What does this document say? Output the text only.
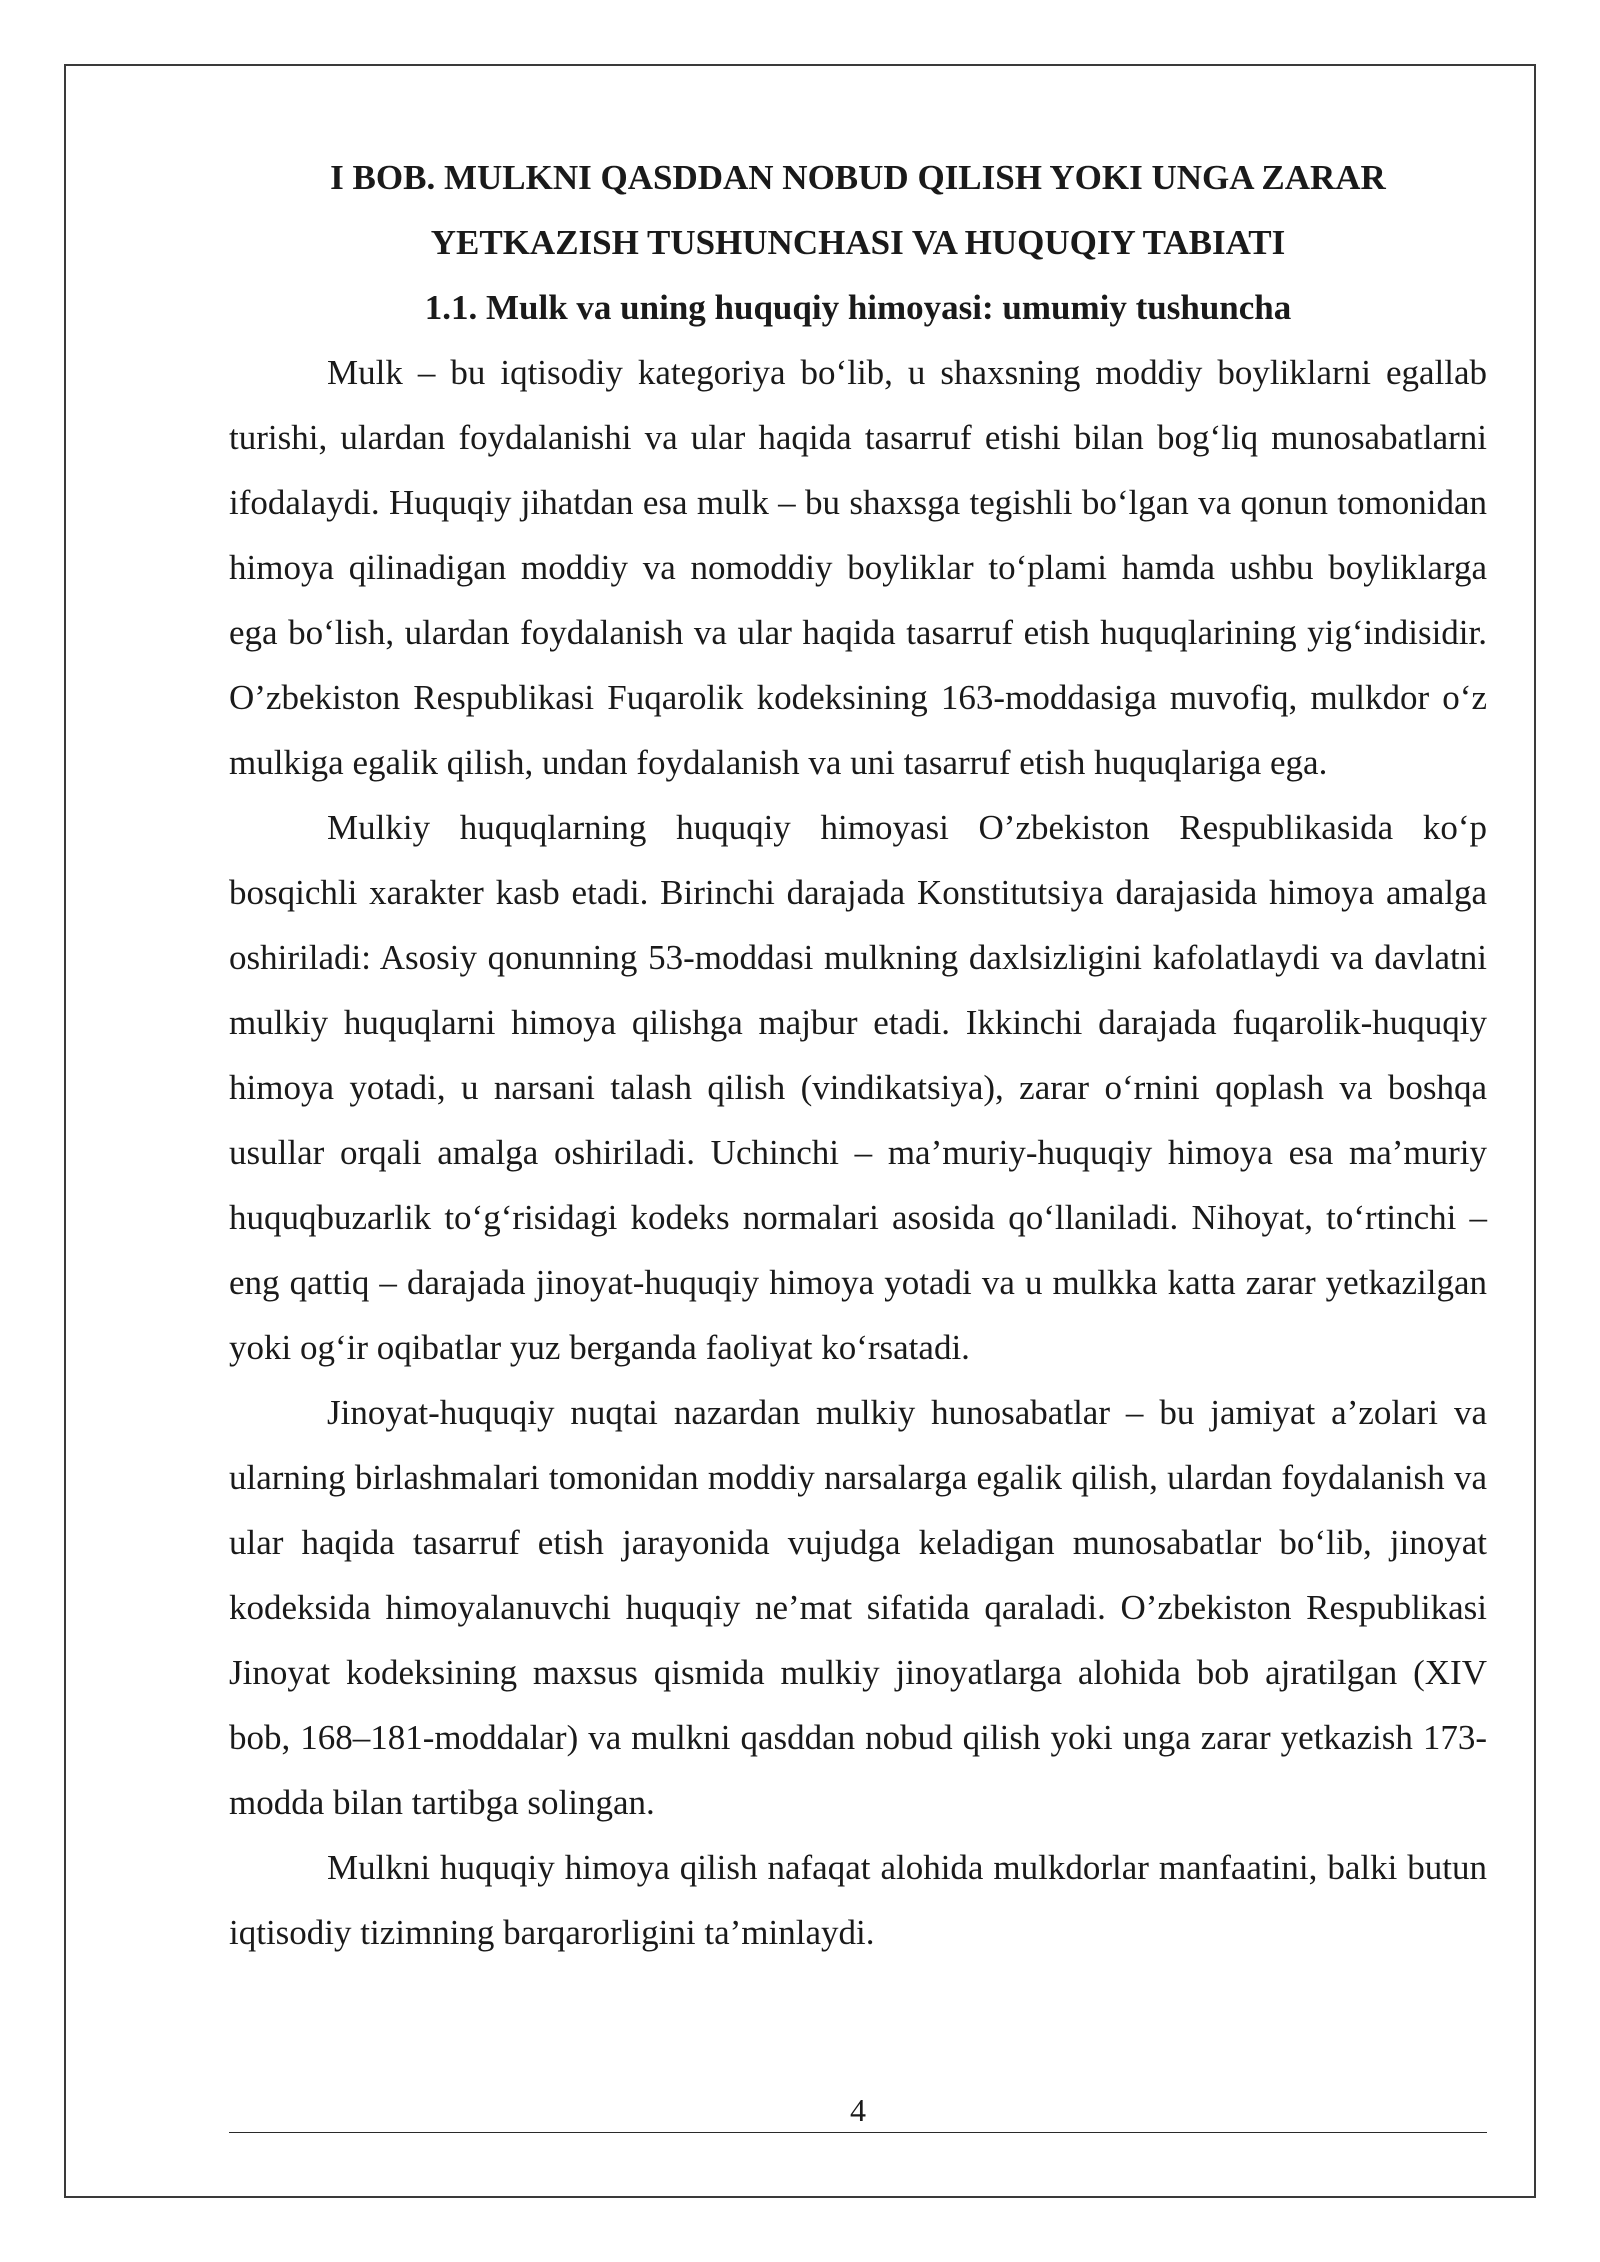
I BOB. MULKNI QASDDAN NOBUD QILISH YOKI UNGA ZARAR

YETKAZISH TUSHUNCHASI VA HUQUQIY TABIATI

1.1. Mulk va uning huquqiy himoyasi: umumiy tushuncha

Mulk – bu iqtisodiy kategoriya bo‘lib, u shaxsning moddiy boyliklarni egallab turishi, ulardan foydalanishi va ular haqida tasarruf etishi bilan bog‘liq munosabatlarni ifodalaydi. Huquqiy jihatdan esa mulk – bu shaxsga tegishli bo‘lgan va qonun tomonidan himoya qilinadigan moddiy va nomoddiy boyliklar to‘plami hamda ushbu boyliklarga ega bo‘lish, ulardan foydalanish va ular haqida tasarruf etish huquqlarining yig‘indisidir. O’zbekiston Respublikasi Fuqarolik kodeksining 163-moddasiga muvofiq, mulkdor o‘z mulkiga egalik qilish, undan foydalanish va uni tasarruf etish huquqlariga ega.

Mulkiy huquqlarning huquqiy himoyasi O’zbekiston Respublikasida ko‘p bosqichli xarakter kasb etadi. Birinchi darajada Konstitutsiya darajasida himoya amalga oshiriladi: Asosiy qonunning 53-moddasi mulkning daxlsizligini kafolatlaydi va davlatni mulkiy huquqlarni himoya qilishga majbur etadi. Ikkinchi darajada fuqarolik-huquqiy himoya yotadi, u narsani talash qilish (vindikatsiya), zarar o‘rnini qoplash va boshqa usullar orqali amalga oshiriladi. Uchinchi – ma’muriy-huquqiy himoya esa ma’muriy huquqbuzarlik to‘g‘risidagi kodeks normalari asosida qo‘llaniladi. Nihoyat, to‘rtinchi – eng qattiq – darajada jinoyat-huquqiy himoya yotadi va u mulkka katta zarar yetkazilgan yoki og‘ir oqibatlar yuz berganda faoliyat ko‘rsatadi.

Jinoyat-huquqiy nuqtai nazardan mulkiy hunosabatlar – bu jamiyat a’zolari va ularning birlashmalari tomonidan moddiy narsalarga egalik qilish, ulardan foydalanish va ular haqida tasarruf etish jarayonida vujudga keladigan munosabatlar bo‘lib, jinoyat kodeksida himoyalanuvchi huquqiy ne’mat sifatida qaraladi. O’zbekiston Respublikasi Jinoyat kodeksining maxsus qismida mulkiy jinoyatlarga alohida bob ajratilgan (XIV bob, 168–181-moddalar) va mulkni qasddan nobud qilish yoki unga zarar yetkazish 173-modda bilan tartibga solingan.

Mulkni huquqiy himoya qilish nafaqat alohida mulkdorlar manfaatini, balki butun iqtisodiy tizimning barqarorligini ta’minlaydi.

4
